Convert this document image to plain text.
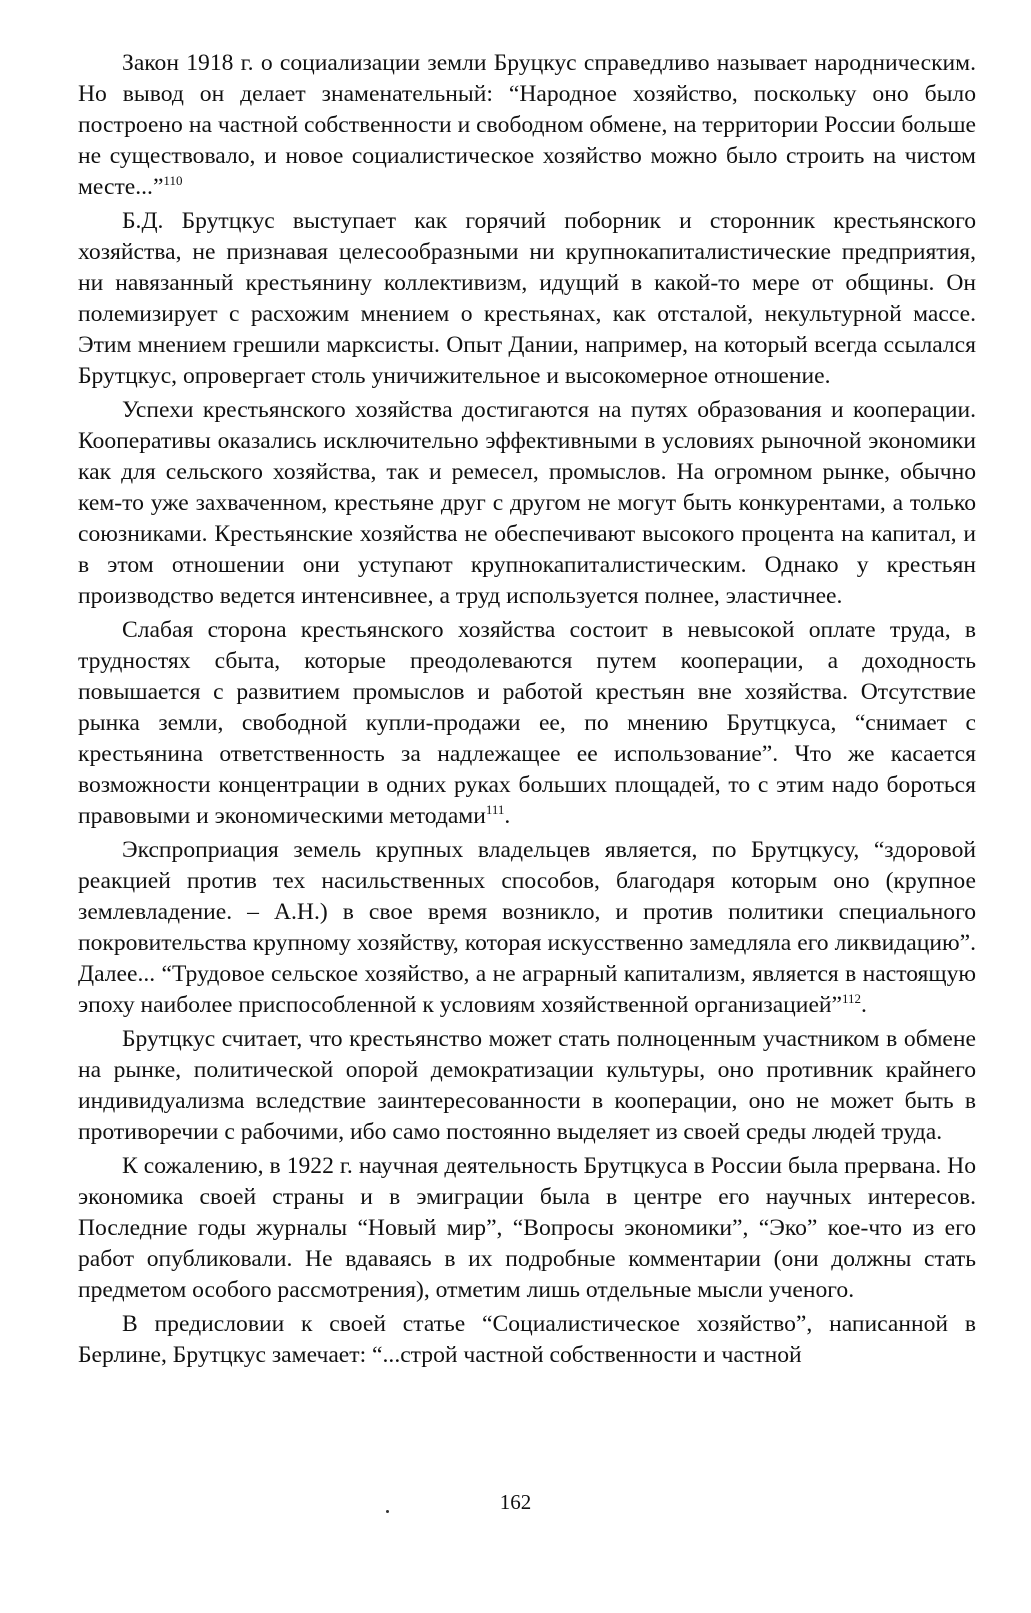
Закон 1918 г. о социализации земли Бруцкус справедливо называет народническим. Но вывод он делает знаменательный: “Народное хозяйство, поскольку оно было построено на частной собственности и свободном обмене, на территории России больше не существовало, и новое социалистическое хозяйство можно было строить на чистом месте...”$^{110}$

Б.Д. Брутцкус выступает как горячий поборник и сторонник крестьянского хозяйства, не признавая целесообразными ни крупнокапиталистические предприятия, ни навязанный крестьянину коллективизм, идущий в какой-то мере от общины. Он полемизирует с расхожим мнением о крестьянах, как отсталой, некультурной массе. Этим мнением грешили марксисты. Опыт Дании, например, на который всегда ссылался Брутцкус, опровергает столь уничижительное и высокомерное отношение.

Успехи крестьянского хозяйства достигаются на путях образования и кооперации. Кооперативы оказались исключительно эффективными в условиях рыночной экономики как для сельского хозяйства, так и ремесел, промыслов. На огромном рынке, обычно кем-то уже захваченном, крестьяне друг с другом не могут быть конкурентами, а только союзниками. Крестьянские хозяйства не обеспечивают высокого процента на капитал, и в этом отношении они уступают крупнокапиталистическим. Однако у крестьян производство ведется интенсивнее, а труд используется полнее, эластичнее.

Слабая сторона крестьянского хозяйства состоит в невысокой оплате труда, в трудностях сбыта, которые преодолеваются путем кооперации, а доходность повышается с развитием промыслов и работой крестьян вне хозяйства. Отсутствие рынка земли, свободной купли-продажи ее, по мнению Брутцкуса, “снимает с крестьянина ответственность за надлежащее ее использование”. Что же касается возможности концентрации в одних руках больших площадей, то с этим надо бороться правовыми и экономическими методами$^{111}$.

Экспроприация земель крупных владельцев является, по Брутцкусу, “здоровой реакцией против тех насильственных способов, благодаря которым оно (крупное землевладение. – А.Н.) в свое время возникло, и против политики специального покровительства крупному хозяйству, которая искусственно замедляла его ликвидацию”. Далее... “Трудовое сельское хозяйство, а не аграрный капитализм, является в настоящую эпоху наиболее приспособленной к условиям хозяйственной организацией”$^{112}$.

Брутцкус считает, что крестьянство может стать полноценным участником в обмене на рынке, политической опорой демократизации культуры, оно противник крайнего индивидуализма вследствие заинтересованности в кооперации, оно не может быть в противоречии с рабочими, ибо само постоянно выделяет из своей среды людей труда.

К сожалению, в 1922 г. научная деятельность Брутцкуса в России была прервана. Но экономика своей страны и в эмиграции была в центре его научных интересов. Последние годы журналы “Новый мир”, “Вопросы экономики”, “Эко” кое-что из его работ опубликовали. Не вдаваясь в их подробные комментарии (они должны стать предметом особого рассмотрения), отметим лишь отдельные мысли ученого.

В предисловии к своей статье “Социалистическое хозяйство”, написанной в Берлине, Брутцкус замечает: “...строй частной собственности и частной

162
